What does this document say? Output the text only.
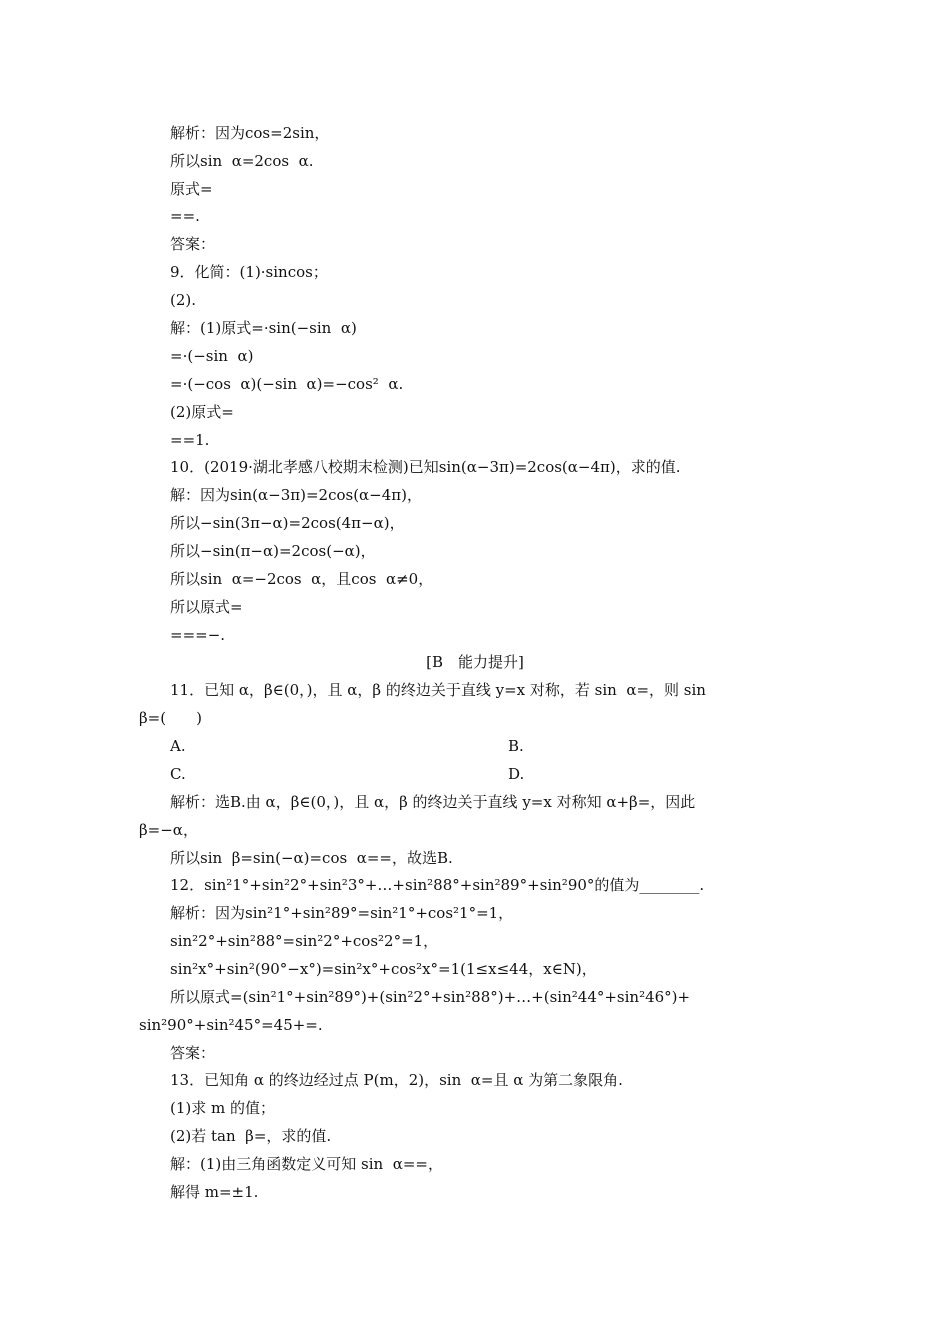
解析：因为cos=2sin，
所以sin  α=2cos  α.
原式=
==.
答案：
9．化简：(1)·sincos；
(2).
解：(1)原式=·sin(−sin  α)
=·(−sin  α)
=·(−cos  α)(−sin  α)=−cos²  α.
(2)原式=
==1.
10．(2019·湖北孝感八校期末检测)已知sin(α−3π)=2cos(α−4π)，求的值.
解：因为sin(α−3π)=2cos(α−4π)，
所以−sin(3π−α)=2cos(4π−α)，
所以−sin(π−α)=2cos(−α)，
所以sin  α=−2cos  α，且cos  α≠0，
所以原式=
===−.
[B　能力提升]
11．已知 α，β∈(0，)，且 α，β 的终边关于直线 y=x 对称，若 sin  α=，则 sin
β=(　　)
A.	B.
C.	D.
解析：选B.由 α，β∈(0，)，且 α，β 的终边关于直线 y=x 对称知 α+β=，因此
β=−α，
所以sin  β=sin(−α)=cos  α==，故选B.
12．sin²1°+sin²2°+sin²3°+…+sin²88°+sin²89°+sin²90°的值为________.
解析：因为sin²1°+sin²89°=sin²1°+cos²1°=1，
sin²2°+sin²88°=sin²2°+cos²2°=1，
sin²x°+sin²(90°−x°)=sin²x°+cos²x°=1(1≤x≤44，x∈N)，
所以原式=(sin²1°+sin²89°)+(sin²2°+sin²88°)+…+(sin²44°+sin²46°)+
sin²90°+sin²45°=45+=.
答案：
13．已知角 α 的终边经过点 P(m，2)，sin  α=且 α 为第二象限角.
(1)求 m 的值；
(2)若 tan  β=，求的值.
解：(1)由三角函数定义可知 sin  α==，
解得 m=±1.
